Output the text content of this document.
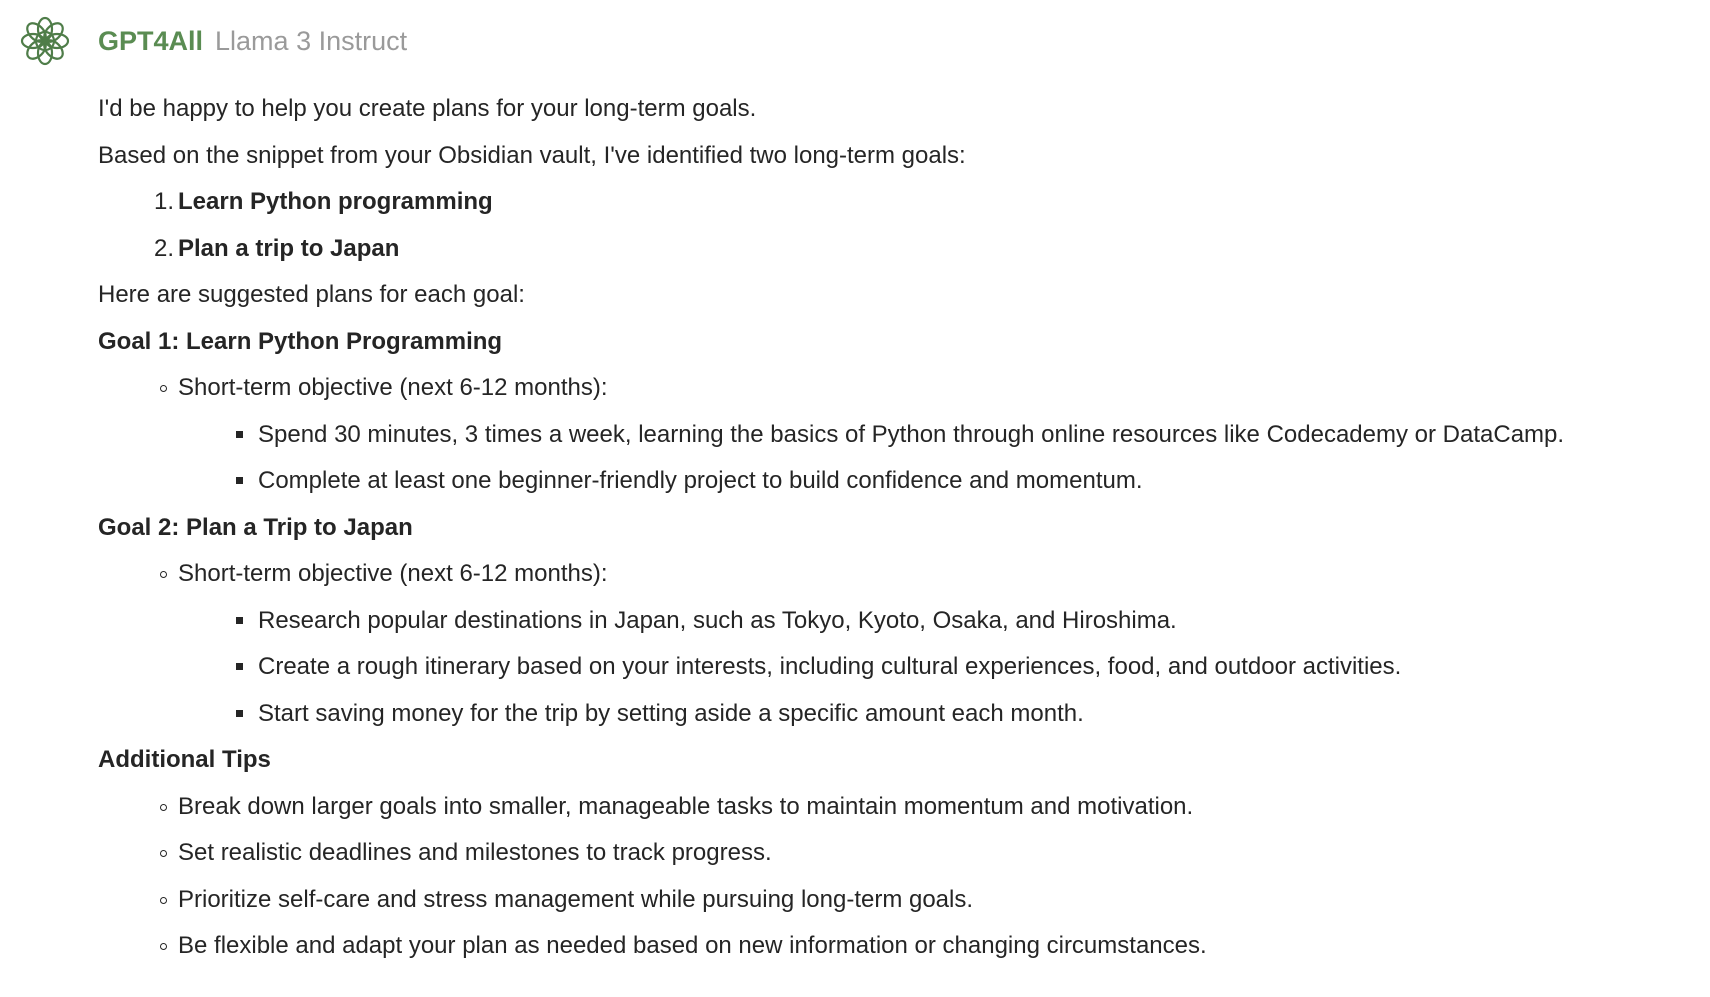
GPT4All Llama 3 Instruct
I'd be happy to help you create plans for your long-term goals.
Based on the snippet from your Obsidian vault, I've identified two long-term goals:
1. Learn Python programming
2. Plan a trip to Japan
Here are suggested plans for each goal:
Goal 1: Learn Python Programming
Short-term objective (next 6-12 months):
Spend 30 minutes, 3 times a week, learning the basics of Python through online resources like Codecademy or DataCamp.
Complete at least one beginner-friendly project to build confidence and momentum.
Goal 2: Plan a Trip to Japan
Short-term objective (next 6-12 months):
Research popular destinations in Japan, such as Tokyo, Kyoto, Osaka, and Hiroshima.
Create a rough itinerary based on your interests, including cultural experiences, food, and outdoor activities.
Start saving money for the trip by setting aside a specific amount each month.
Additional Tips
Break down larger goals into smaller, manageable tasks to maintain momentum and motivation.
Set realistic deadlines and milestones to track progress.
Prioritize self-care and stress management while pursuing long-term goals.
Be flexible and adapt your plan as needed based on new information or changing circumstances.
